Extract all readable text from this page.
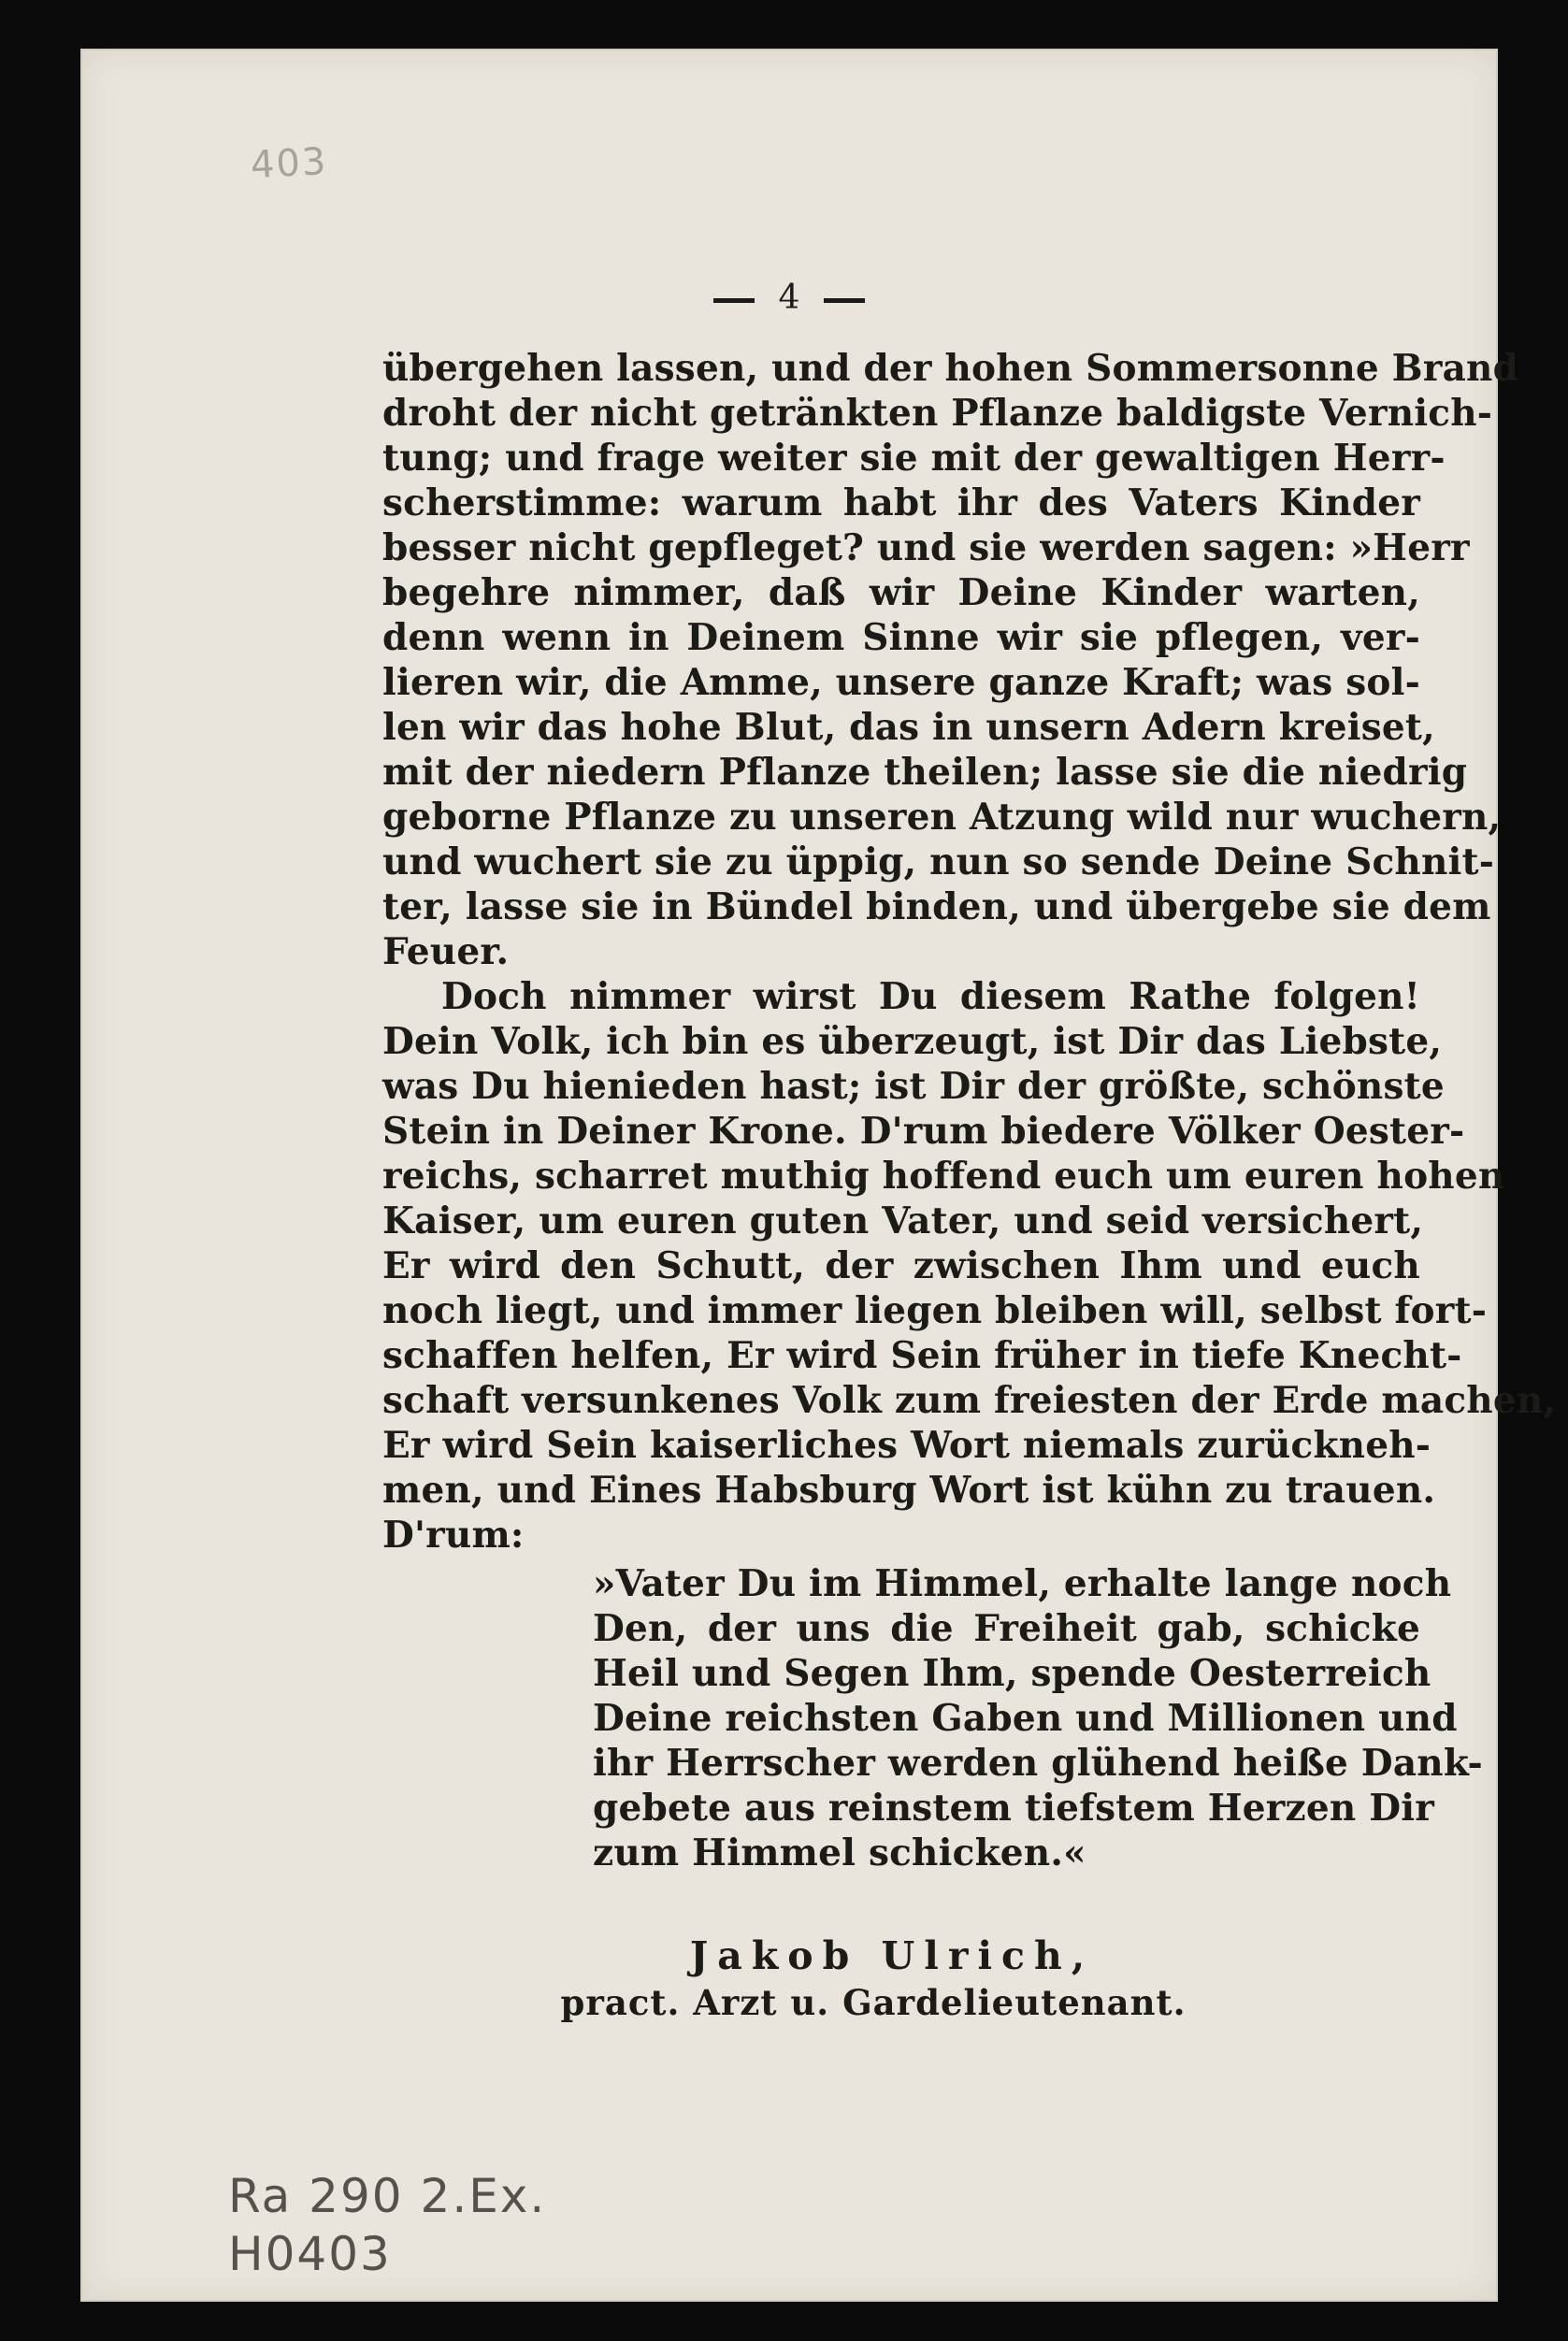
403
4
übergehen lassen, und der hohen Sommersonne Brand
droht der nicht getränkten Pflanze baldigste Vernich-
tung; und frage weiter sie mit der gewaltigen Herr-
scherstimme: warum habt ihr des Vaters Kinder
besser nicht gepfleget? und sie werden sagen: »Herr
begehre nimmer, daß wir Deine Kinder warten,
denn wenn in Deinem Sinne wir sie pflegen, ver-
lieren wir, die Amme, unsere ganze Kraft; was sol-
len wir das hohe Blut, das in unsern Adern kreiset,
mit der niedern Pflanze theilen; lasse sie die niedrig
geborne Pflanze zu unseren Atzung wild nur wuchern,
und wuchert sie zu üppig, nun so sende Deine Schnit-
ter, lasse sie in Bündel binden, und übergebe sie dem
Feuer.
Doch nimmer wirst Du diesem Rathe folgen!
Dein Volk, ich bin es überzeugt, ist Dir das Liebste,
was Du hienieden hast; ist Dir der größte, schönste
Stein in Deiner Krone. D'rum biedere Völker Oester-
reichs, scharret muthig hoffend euch um euren hohen
Kaiser, um euren guten Vater, und seid versichert,
Er wird den Schutt, der zwischen Ihm und euch
noch liegt, und immer liegen bleiben will, selbst fort-
schaffen helfen, Er wird Sein früher in tiefe Knecht-
schaft versunkenes Volk zum freiesten der Erde machen,
Er wird Sein kaiserliches Wort niemals zurückneh-
men, und Eines Habsburg Wort ist kühn zu trauen.
D'rum:
»Vater Du im Himmel, erhalte lange noch
Den, der uns die Freiheit gab, schicke
Heil und Segen Ihm, spende Oesterreich
Deine reichsten Gaben und Millionen und
ihr Herrscher werden glühend heiße Dank-
gebete aus reinstem tiefstem Herzen Dir
zum Himmel schicken.«
Jakob Ulrich,
pract. Arzt u. Gardelieutenant.
Ra 290 2.Ex.
H0403
